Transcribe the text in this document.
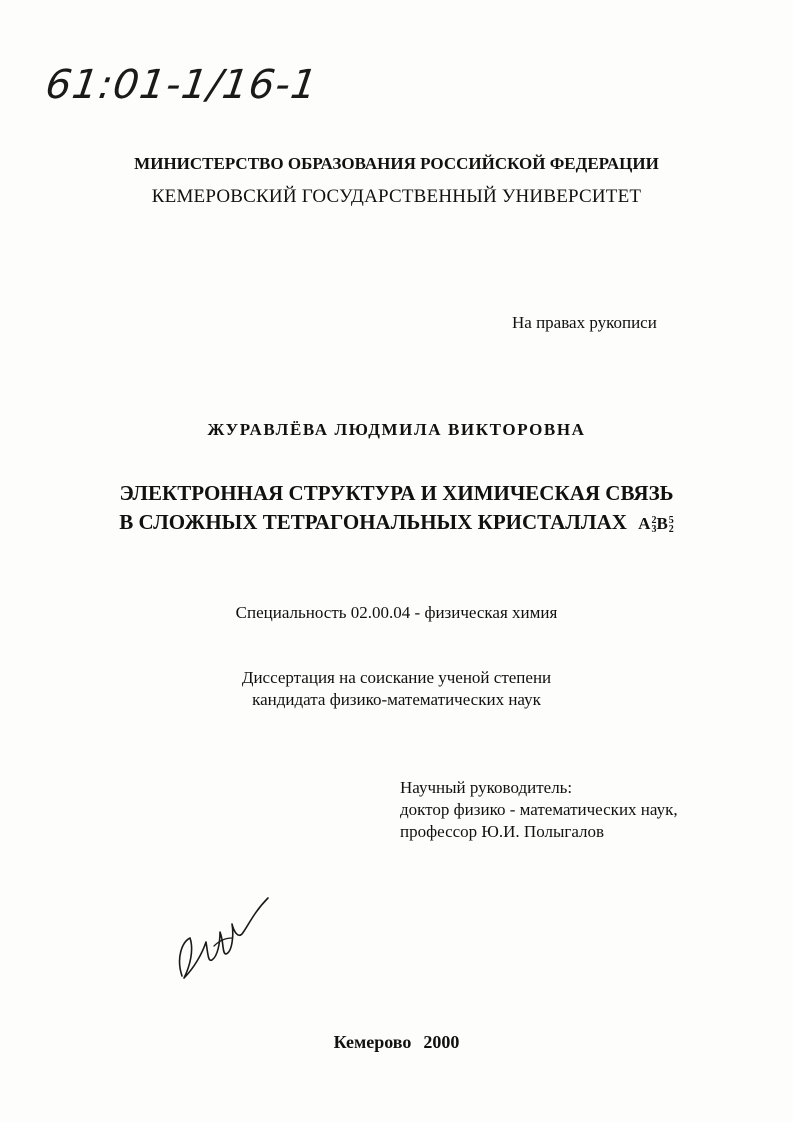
61:01-1/16-1
МИНИСТЕРСТВО ОБРАЗОВАНИЯ РОССИЙСКОЙ ФЕДЕРАЦИИ
КЕМЕРОВСКИЙ ГОСУДАРСТВЕННЫЙ УНИВЕРСИТЕТ
На правах рукописи
ЖУРАВЛЁВА ЛЮДМИЛА ВИКТОРОВНА
ЭЛЕКТРОННАЯ СТРУКТУРА И ХИМИЧЕСКАЯ СВЯЗЬ
В СЛОЖНЫХ ТЕТРАГОНАЛЬНЫХ КРИСТАЛЛАХ A 2
3 B 5
2
Специальность 02.00.04 - физическая химия
Диссертация на соискание ученой степени
кандидата физико-математических наук
Научный руководитель:
доктор физико - математических наук,
профессор Ю.И. Полыгалов
Кемерово 2000
